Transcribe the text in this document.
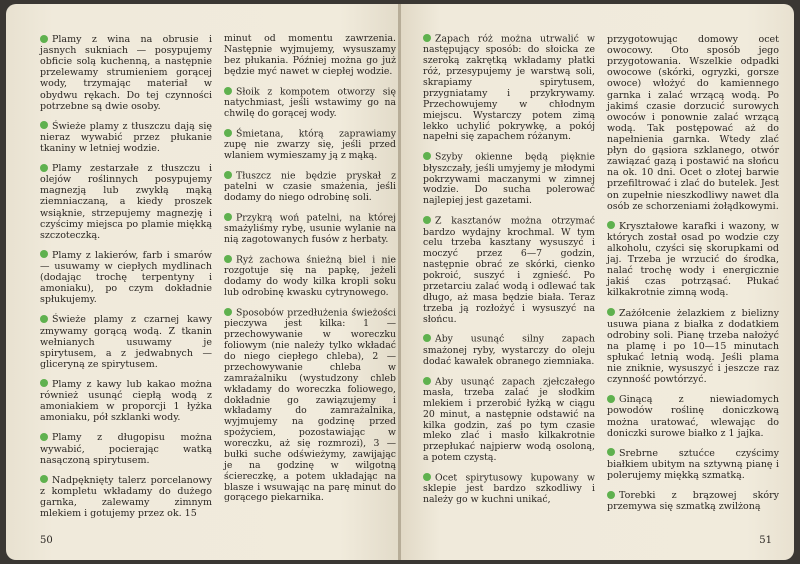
Plamy z wina na obrusie i jasnych sukniach — posypujemy obficie solą kuchenną, a następnie przelewamy strumieniem gorącej wody, trzymając materiał w obydwu rękach. Do tej czynności potrzebne są dwie osoby.

Świeże plamy z tłuszczu dają się nieraz wywabić przez płukanie tkaniny w letniej wodzie.

Plamy zestarzałe z tłuszczu i olejów roślinnych posypujemy magnezją lub zwykłą mąką ziemniaczaną, a kiedy proszek wsiąknie, strzepujemy magnezję i czyścimy miejsca po plamie miękką szczoteczką.

Plamy z lakierów, farb i smarów — usuwamy w ciepłych mydlinach (dodając trochę terpentyny i amoniaku), po czym dokładnie spłukujemy.

Świeże plamy z czarnej kawy zmywamy gorącą wodą. Z tkanin wełnianych usuwamy je spirytusem, a z jedwabnych — gliceryną ze spirytusem.

Plamy z kawy lub kakao można również usunąć ciepłą wodą z amoniakiem w proporcji 1 łyżka amoniaku, pół szklanki wody.

Plamy z długopisu można wywabić, pocierając watką nasączoną spirytusem.

Nadpęknięty talerz porcelanowy z kompletu wkładamy do dużego garnka, zalewamy zimnym mlekiem i gotujemy przez ok. 15

minut od momentu zawrzenia. Następnie wyjmujemy, wysuszamy bez płukania. Później można go już będzie myć nawet w ciepłej wodzie.

Słoik z kompotem otworzy się natychmiast, jeśli wstawimy go na chwilę do gorącej wody.

Śmietana, którą zaprawiamy zupę nie zwarzy się, jeśli przed wlaniem wymieszamy ją z mąką.

Tłuszcz nie będzie pryskał z patelni w czasie smażenia, jeśli dodamy do niego odrobinę soli.

Przykrą woń patelni, na której smażyliśmy rybę, usunie wylanie na nią zagotowanych fusów z herbaty.

Ryż zachowa śnieżną biel i nie rozgotuje się na papkę, jeżeli dodamy do wody kilka kropli soku lub odrobinę kwasku cytrynowego.

Sposobów przedłużenia świeżości pieczywa jest kilka: 1 — przechowywanie w woreczku foliowym (nie należy tylko wkładać do niego ciepłego chleba), 2 — przechowywanie chleba w zamrażalniku (wystudzony chleb wkładamy do woreczka foliowego, dokładnie go zawiązujemy i wkładamy do zamrażalnika, wyjmujemy na godzinę przed spożyciem, pozostawiając w woreczku, aż się rozmrozi), 3 — bułki suche odświeżymy, zawijając je na godzinę w wilgotną ściereczkę, a potem układając na blasze i wsuwając na parę minut do gorącego piekarnika.

50

Zapach róż można utrwalić w następujący sposób: do słoicka ze szeroką zakrętką wkładamy płatki róż, przesypujemy je warstwą soli, skrapiamy spirytusem, przygniatamy i przykrywamy. Przechowujemy w chłodnym miejscu. Wystarczy potem zimą lekko uchylić pokrywkę, a pokój napełni się zapachem różanym.

Szyby okienne będą pięknie błyszczały, jeśli umyjemy je młodymi pokrzywami maczanymi w zimnej wodzie. Do sucha polerować najlepiej jest gazetami.

Z kasztanów można otrzymać bardzo wydajny krochmal. W tym celu trzeba kasztany wysuszyć i moczyć przez 6—7 godzin, następnie obrać ze skórki, cienko pokroić, suszyć i zgnieść. Po przetarciu zalać wodą i odlewać tak długo, aż masa będzie biała. Teraz trzeba ją rozłożyć i wysuszyć na słońcu.

Aby usunąć silny zapach smażonej ryby, wystarczy do oleju dodać kawałek obranego ziemniaka.

Aby usunąć zapach zjełczałego masła, trzeba zalać je słodkim mlekiem i przerobić łyżką w ciągu 20 minut, a następnie odstawić na kilka godzin, zaś po tym czasie mleko zlać i masło kilkakrotnie przepłukać najpierw wodą osoloną, a potem czystą.

Ocet spirytusowy kupowany w sklepie jest bardzo szkodliwy i należy go w kuchni unikać,

przygotowując domowy ocet owocowy. Oto sposób jego przygotowania. Wszelkie odpadki owocowe (skórki, ogryzki, gorsze owoce) włożyć do kamiennego garnka i zalać wrzącą wodą. Po jakimś czasie dorzucić surowych owoców i ponownie zalać wrzącą wodą. Tak postępować aż do napełnienia garnka. Wtedy zlać płyn do gąsiora szklanego, otwór zawiązać gazą i postawić na słońcu na ok. 10 dni. Ocet o złotej barwie przefiltrować i zlać do butelek. Jest on zupełnie nieszkodliwy nawet dla osób ze schorzeniami żołądkowymi.

Kryształowe karafki i wazony, w których został osad po wodzie czy alkoholu, czyści się skorupkami od jaj. Trzeba je wrzucić do środka, nalać trochę wody i energicznie jakiś czas potrząsać. Płukać kilkakrotnie zimną wodą.

Zażółcenie żelazkiem z bielizny usuwa piana z białka z dodatkiem odrobiny soli. Pianę trzeba nałożyć na plamę i po 10—15 minutach spłukać letnią wodą. Jeśli plama nie zniknie, wysuszyć i jeszcze raz czynność powtórzyć.

Ginącą z niewiadomych powodów roślinę doniczkową można uratować, wlewając do doniczki surowe białko z 1 jajka.

Srebrne sztućce czyścimy białkiem ubitym na sztywną pianę i polerujemy miękką szmatką.

Torebki z brązowej skóry przemywa się szmatką zwilżoną

51
